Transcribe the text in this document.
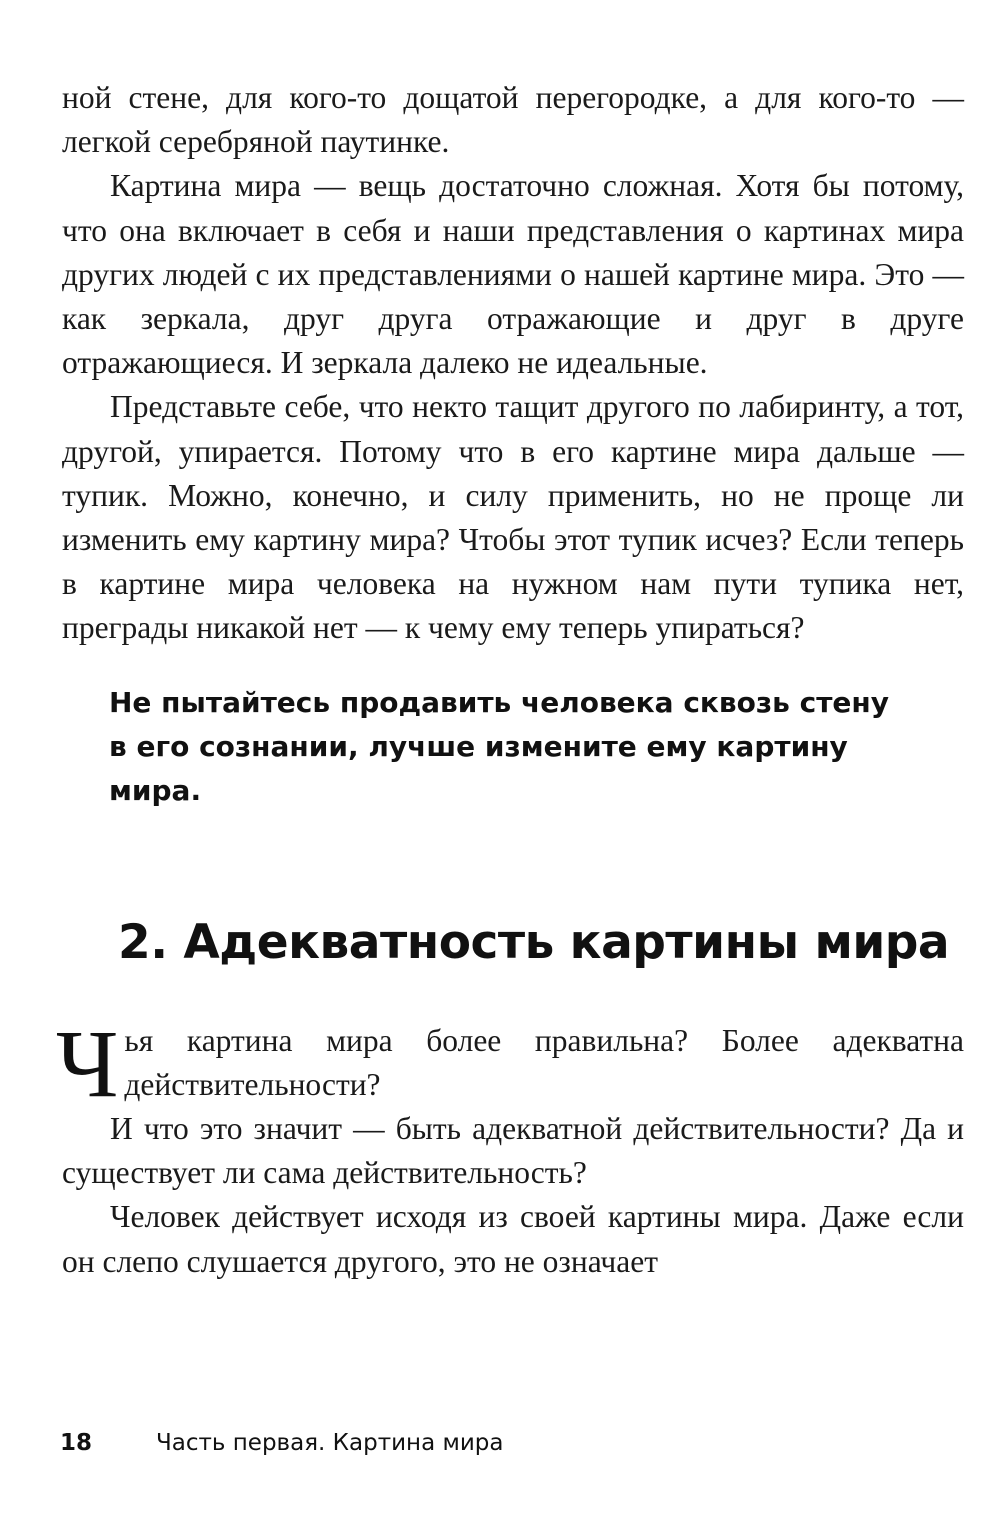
ной стене, для кого-то дощатой перегородке, а для кого-то — легкой серебряной паутинке.

Картина мира — вещь достаточно сложная. Хотя бы потому, что она включает в себя и наши представления о картинах мира других людей с их представлениями о нашей картине мира. Это — как зеркала, друг друга отражающие и друг в друге отражающиеся. И зеркала далеко не идеальные.

Представьте себе, что некто тащит другого по лабиринту, а тот, другой, упирается. Потому что в его картине мира дальше — тупик. Можно, конечно, и силу применить, но не проще ли изменить ему картину мира? Чтобы этот тупик исчез? Если теперь в картине мира человека на нужном нам пути тупика нет, преграды никакой нет — к чему ему теперь упираться?

Не пытайтесь продавить человека сквозь стену в его сознании, лучше измените ему картину мира.
2. Адекватность картины мира

Чья картина мира более правильна? Более адекватна действительности?

И что это значит — быть адекватной действительности? Да и существует ли сама действительность?

Человек действует исходя из своей картины мира. Даже если он слепо слушается другого, это не означает

18	Часть первая. Картина мира
